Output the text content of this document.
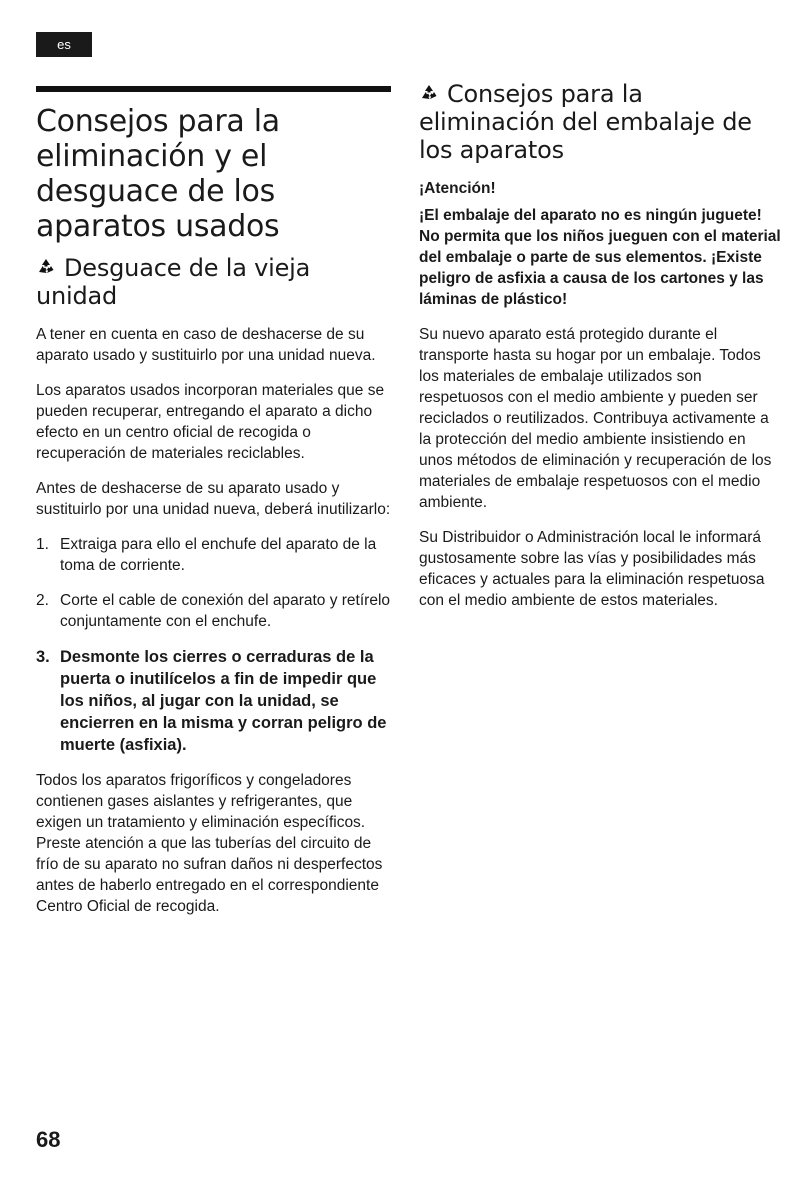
es
Consejos para la eliminación y el desguace de los aparatos usados
Desguace de la vieja unidad

A tener en cuenta en caso de deshacerse de su aparato usado y sustituirlo por una unidad nueva.

Los aparatos usados incorporan materiales que se pueden recuperar, entregando el aparato a dicho efecto en un centro oficial de recogida o recuperación de materiales reciclables.

Antes de deshacerse de su aparato usado y sustituirlo por una unidad nueva, deberá inutilizarlo:

1. Extraiga para ello el enchufe del aparato de la toma de corriente.
2. Corte el cable de conexión del aparato y retírelo conjuntamente con el enchufe.
3. Desmonte los cierres o cerraduras de la puerta o inutilícelos a fin de impedir que los niños, al jugar con la unidad, se encierren en la misma y corran peligro de muerte (asfixia).

Todos los aparatos frigoríficos y congeladores contienen gases aislantes y refrigerantes, que exigen un tratamiento y eliminación específicos. Preste atención a que las tuberías del circuito de frío de su aparato no sufran daños ni desperfectos antes de haberlo entregado en el correspondiente Centro Oficial de recogida.

Consejos para la eliminación del embalaje de los aparatos
¡Atención!

¡El embalaje del aparato no es ningún juguete! No permita que los niños jueguen con el material del embalaje o parte de sus elementos. ¡Existe peligro de asfixia a causa de los cartones y las láminas de plástico!

Su nuevo aparato está protegido durante el transporte hasta su hogar por un embalaje. Todos los materiales de embalaje utilizados son respetuosos con el medio ambiente y pueden ser reciclados o reutilizados. Contribuya activamente a la protección del medio ambiente insistiendo en unos métodos de eliminación y recuperación de los materiales de embalaje respetuosos con el medio ambiente.

Su Distribuidor o Administración local le informará gustosamente sobre las vías y posibilidades más eficaces y actuales para la eliminación respetuosa con el medio ambiente de estos materiales.

68
